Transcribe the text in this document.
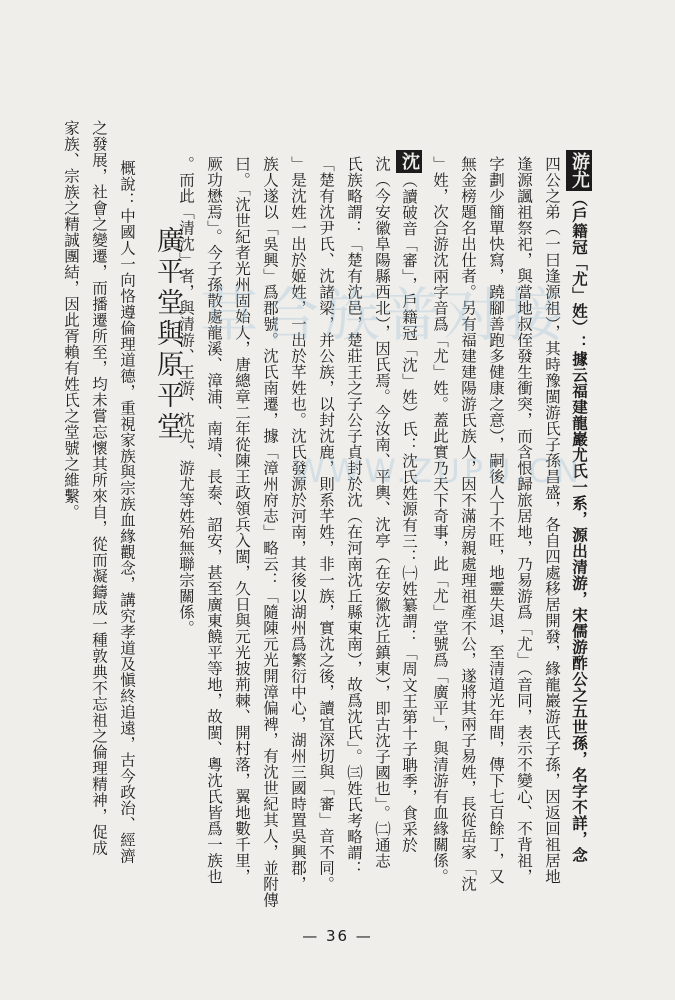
游尤（戶籍冠「尤」姓）：據云福建龍巖尤氏一系，源出清游，宋儒游酢公之五世孫，名字不詳，念
四公之弟（一曰逢源祖），其時豫閩游氏子孫昌盛，各自四處移居開發，緣龍巖游氏子孫，因返回祖居地
逢源諷祖祭祀，與當地叔侄發生衝突，而含恨歸旅居地，乃易游爲「尤」（音同，表示不變心、不背祖，
字劃少簡單快寫，蹺腳善跑多健康之意），嗣後人丁不旺，地靈失退，至清道光年間，傳下七百餘丁，又
無金榜題名出仕者。另有福建建陽游氏族人，因不滿房親處理祖產不公，遂將其兩子易姓，長從岳家「沈
」姓，次合游沈兩字音爲「尤」姓。蓋此實乃天下奇事，此「尤」堂號爲「廣平」，與清游有血緣關係。
沈（讀破音「審」，戶籍冠「沈」姓）氏：沈氏姓源有三：㈠姓纂謂：「周文王第十子聃季，食采於
沈（今安徽阜陽縣西北），因氏焉。今汝南、平輿、沈亭（在安徽沈丘鎮東），即古沈子國也」。㈡通志
氏族略謂：「楚有沈邑，楚莊王之子公子貞封於沈（在河南沈丘縣東南），故爲沈氏」。㈢姓氏考略謂：
「楚有沈尹氏、沈諸梁，并公族，以封沈鹿，則系芊姓，非一族，實沈之後，讀宜深切與「審」音不同。
」是沈姓一出於姬姓，一出於芊姓也。沈氏發源於河南，其後以湖州爲繁衍中心，湖州三國時置吳興郡，
族人遂以「吳興」爲郡號。沈氏南遷，據「漳州府志」略云：「隨陳元光開漳偏裨，有沈世紀其人，並附傳
曰。「沈世紀者光州固始人，唐總章二年從陳王政領兵入閩，久日與元光披荊棘、開村落，翼地數千里，
厥功懋焉」。今子孫散處龍溪、漳浦、南靖、長泰、詔安，甚至廣東饒平等地，故閩、粵沈氏皆爲一族也
。而此「清沈」者，與清游、王游、沈尤、游尤等姓殆無聯宗關係。
廣平堂與原平堂
概說：中國人一向恪遵倫理道德，重視家族與宗族血緣觀念，講究孝道及愼終追遠，古今政治、經濟
之發展，社會之變遷，而播遷所至，均未嘗忘懷其所來自，從而凝鑄成一種敦典不忘祖之倫理精神，促成
家族、宗族之精誠團結，因此胥賴有姓氏之堂號之維繫。
— 36 —
草合族普对接
WWW.ZUPU.CN
